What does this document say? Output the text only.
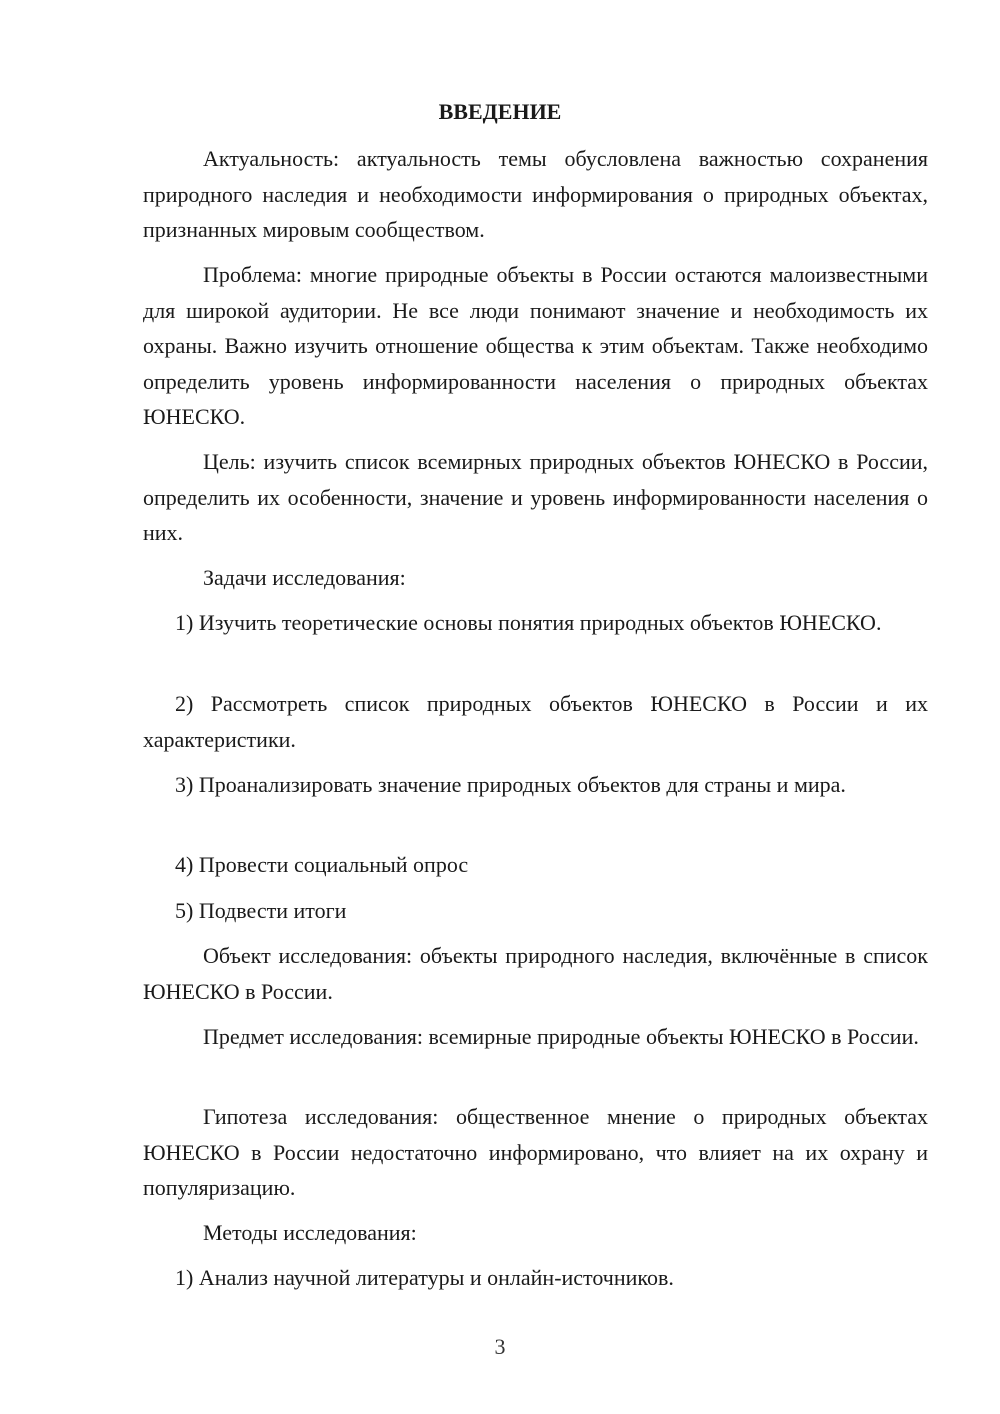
ВВЕДЕНИЕ
Актуальность: актуальность темы обусловлена важностью сохранения природного наследия и необходимости информирования о природных объектах, признанных мировым сообществом.
Проблема: многие природные объекты в России остаются малоизвестными для широкой аудитории. Не все люди понимают значение и необходимость их охраны. Важно изучить отношение общества к этим объектам. Также необходимо определить уровень информированности населения о природных объектах ЮНЕСКО.
Цель: изучить список всемирных природных объектов ЮНЕСКО в России, определить их особенности, значение и уровень информированности населения о них.
Задачи исследования:
1) Изучить теоретические основы понятия природных объектов ЮНЕСКО.
2) Рассмотреть список природных объектов ЮНЕСКО в России и их характеристики.
3) Проанализировать значение природных объектов для страны и мира.
4) Провести социальный опрос
5) Подвести итоги
Объект исследования: объекты природного наследия, включённые в список ЮНЕСКО в России.
Предмет исследования: всемирные природные объекты ЮНЕСКО в России.
Гипотеза исследования: общественное мнение о природных объектах ЮНЕСКО в России недостаточно информировано, что влияет на их охрану и популяризацию.
Методы исследования:
1) Анализ научной литературы и онлайн-источников.
3
